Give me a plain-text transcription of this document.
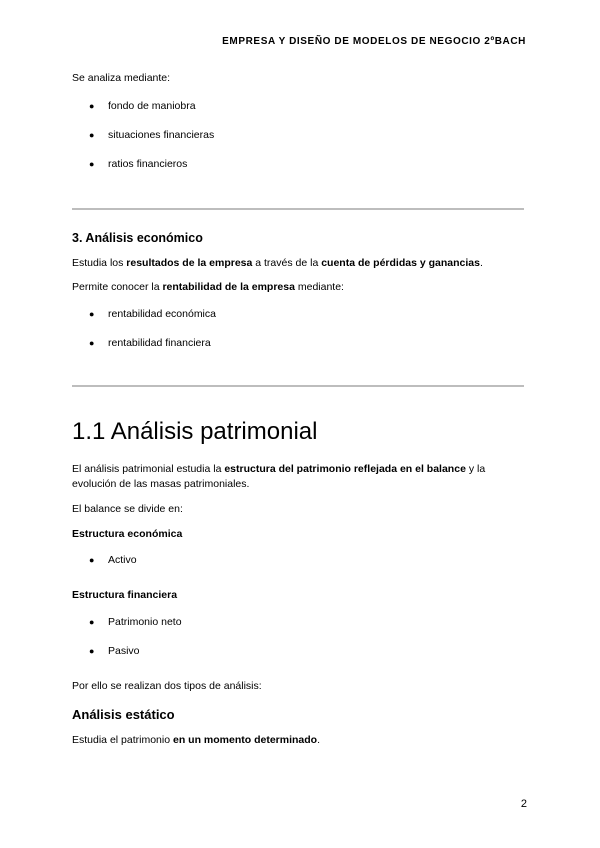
EMPRESA Y DISEÑO DE MODELOS DE NEGOCIO 2ºBACH

Se analiza mediante:

● fondo de maniobra
● situaciones financieras
● ratios financieros
3. Análisis económico

Estudia los resultados de la empresa a través de la cuenta de pérdidas y ganancias.

Permite conocer la rentabilidad de la empresa mediante:

● rentabilidad económica
● rentabilidad financiera
1.1 Análisis patrimonial

El análisis patrimonial estudia la estructura del patrimonio reflejada en el balance y la evolución de las masas patrimoniales.

El balance se divide en:

Estructura económica
● Activo
Estructura financiera
● Patrimonio neto
● Pasivo

Por ello se realizan dos tipos de análisis:

Análisis estático

Estudia el patrimonio en un momento determinado.

2
